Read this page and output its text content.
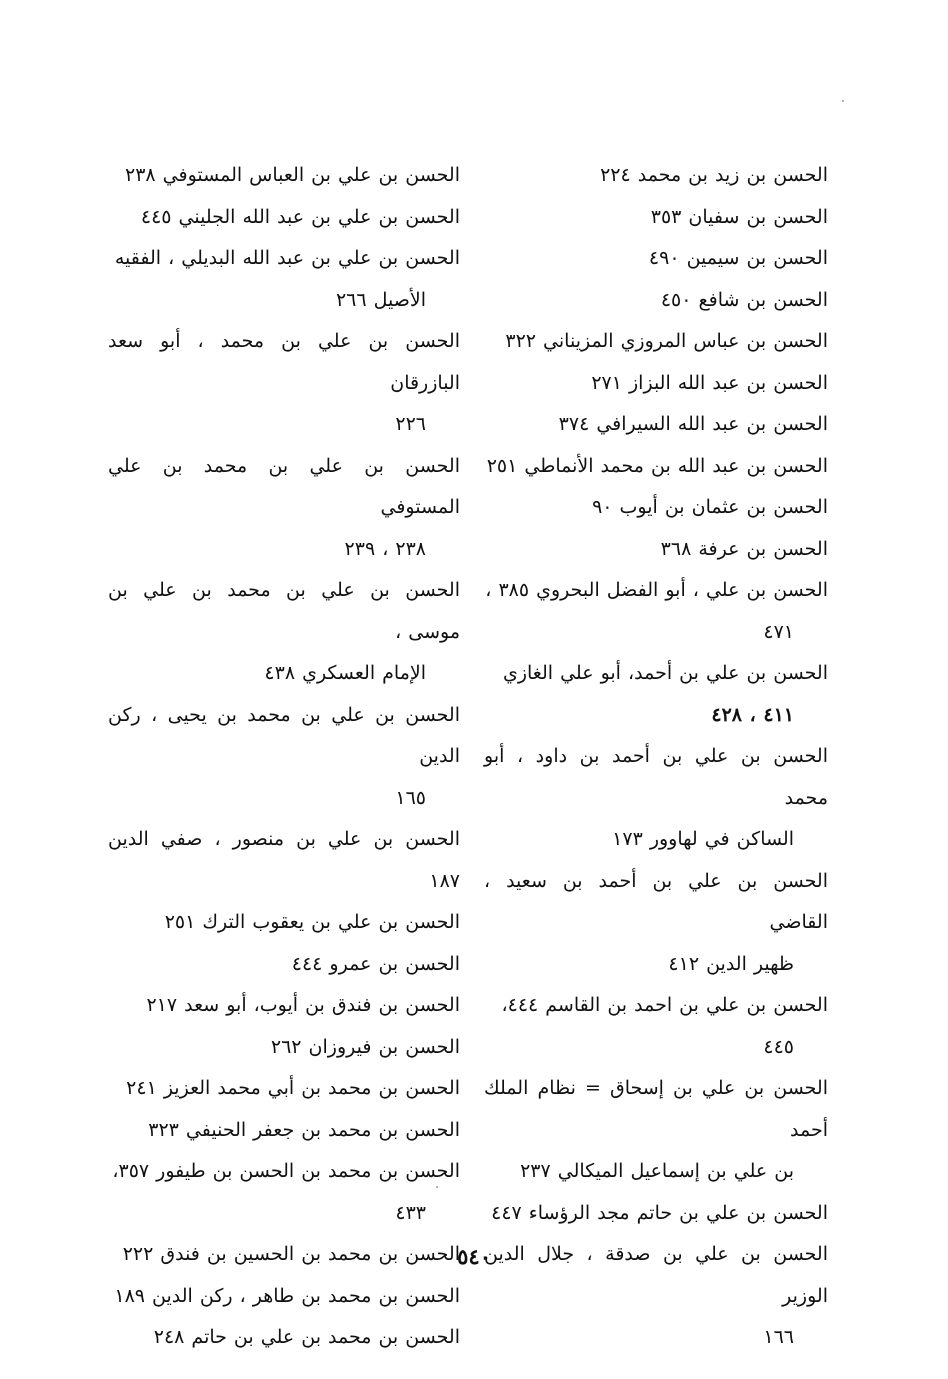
الحسن بن زيد بن محمد ٢٢٤
الحسن بن سفيان ٣٥٣
الحسن بن سيمين ٤٩٠
الحسن بن شافع ٤٥٠
الحسن بن عباس المروزي المزيناني ٣٢٢
الحسن بن عبد الله البزاز ٢٧١
الحسن بن عبد الله السيرافي ٣٧٤
الحسن بن عبد الله بن محمد الأنماطي ٢٥١
الحسن بن عثمان بن أيوب ٩٠
الحسن بن عرفة ٣٦٨
الحسن بن علي ، أبو الفضل البحروي ٣٨٥ ،
٤٧١
الحسن بن علي بن أحمد، أبو علي الغازي
٤١١ ، ٤٢٨
الحسن بن علي بن أحمد بن داود ، أبو محمد
الساكن في لهاوور ١٧٣
الحسن بن علي بن أحمد بن سعيد ، القاضي
ظهير الدين ٤١٢
الحسن بن علي بن احمد بن القاسم ٤٤٤،
٤٤٥
الحسن بن علي بن إسحاق = نظام الملك أحمد
بن علي بن إسماعيل الميكالي ٢٣٧
الحسن بن علي بن حاتم مجد الرؤساء ٤٤٧
الحسن بن علي بن صدقة ، جلال الدين الوزير
١٦٦
الحسن بن علي بن العباس المستوفي ٢٣٨
الحسن بن علي بن عبد الله الجليني ٤٤٥
الحسن بن علي بن عبد الله البديلي ، الفقيه
الأصيل ٢٦٦
الحسن بن علي بن محمد ، أبو سعد البازرقان
٢٢٦
الحسن بن علي بن محمد بن علي المستوفي
٢٣٨ ، ٢٣٩
الحسن بن علي بن محمد بن علي بن موسى ،
الإمام العسكري ٤٣٨
الحسن بن علي بن محمد بن يحيى ، ركن الدين
١٦٥
الحسن بن علي بن منصور ، صفي الدين ١٨٧
الحسن بن علي بن يعقوب الترك ٢٥١
الحسن بن عمرو ٤٤٤
الحسن بن فندق بن أيوب، أبو سعد ٢١٧
الحسن بن فيروزان ٢٦٢
الحسن بن محمد بن أبي محمد العزيز ٢٤١
الحسن بن محمد بن جعفر الحنيفي ٣٢٣
الحسن بن محمد بن الحسن بن طيفور ٣٥٧،
٤٣٣
الحسن بن محمد بن الحسين بن فندق ٢٢٢
الحسن بن محمد بن طاهر ، ركن الدين ١٨٩
الحسن بن محمد بن علي بن حاتم ٢٤٨
٥٤٠
